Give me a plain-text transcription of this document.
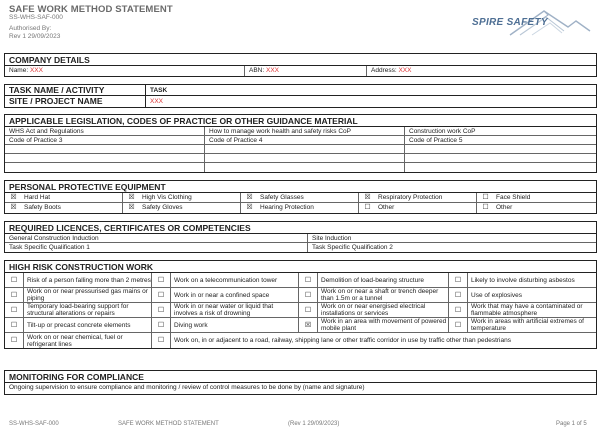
SAFE WORK METHOD STATEMENT
SS-WHS-SAF-000
Authorised By:
Rev 1 29/09/2023
SPIRE SAFETY
COMPANY DETAILS
Name: XXX	ABN: XXX	Address: XXX
TASK NAME / ACTIVITY	TASK
SITE / PROJECT NAME	XXX
APPLICABLE LEGISLATION, CODES OF PRACTICE OR OTHER GUIDANCE MATERIAL
WHS Act and Regulations	How to manage work health and safety risks CoP	Construction work CoP
Code of Practice 3	Code of Practice 4	Code of Practice 5
PERSONAL PROTECTIVE EQUIPMENT
☒	Hard Hat	☒	High Vis Clothing	☒	Safety Glasses	☒	Respiratory Protection	☐	Face Shield
☒	Safety Boots	☒	Safety Gloves	☒	Hearing Protection	☐	Other	☐	Other
REQUIRED LICENCES, CERTIFICATES OR COMPETENCIES
General Construction Induction	Site Induction
Task Specific Qualification 1	Task Specific Qualification 2
HIGH RISK CONSTRUCTION WORK
☐	Risk of a person falling more than 2 metres ☐	Work on a telecommunication tower	☐	Demolition of load-bearing structure	☐	Likely to involve disturbing asbestos
☐	Work on or near pressurised gas mains or piping	☐	Work in or near a confined space	☐	Work on or near a shaft or trench deeper than 1.5m or a tunnel	☐	Use of explosives
☐	Temporary load-bearing support for structural alterations or repairs	☐	Work in or near water or liquid that involves a risk of drowning	☐	Work on or near energised electrical installations or services	☐	Work that may have a contaminated or flammable atmosphere
☐	Tilt-up or precast concrete elements	☐	Diving work	☒	Work in an area with movement of powered mobile plant	☐	Work in areas with artificial extremes of temperature
☐	Work on or near chemical, fuel or refrigerant lines	☐	Work on, in or adjacent to a road, railway, shipping lane or other traffic corridor in use by traffic other than pedestrians
MONITORING FOR COMPLIANCE
Ongoing supervision to ensure compliance and monitoring / review of control measures to be done by (name and signature)
SS-WHS-SAF-000	SAFE WORK METHOD STATEMENT	(Rev 1 29/09/2023)	Page 1 of 5
